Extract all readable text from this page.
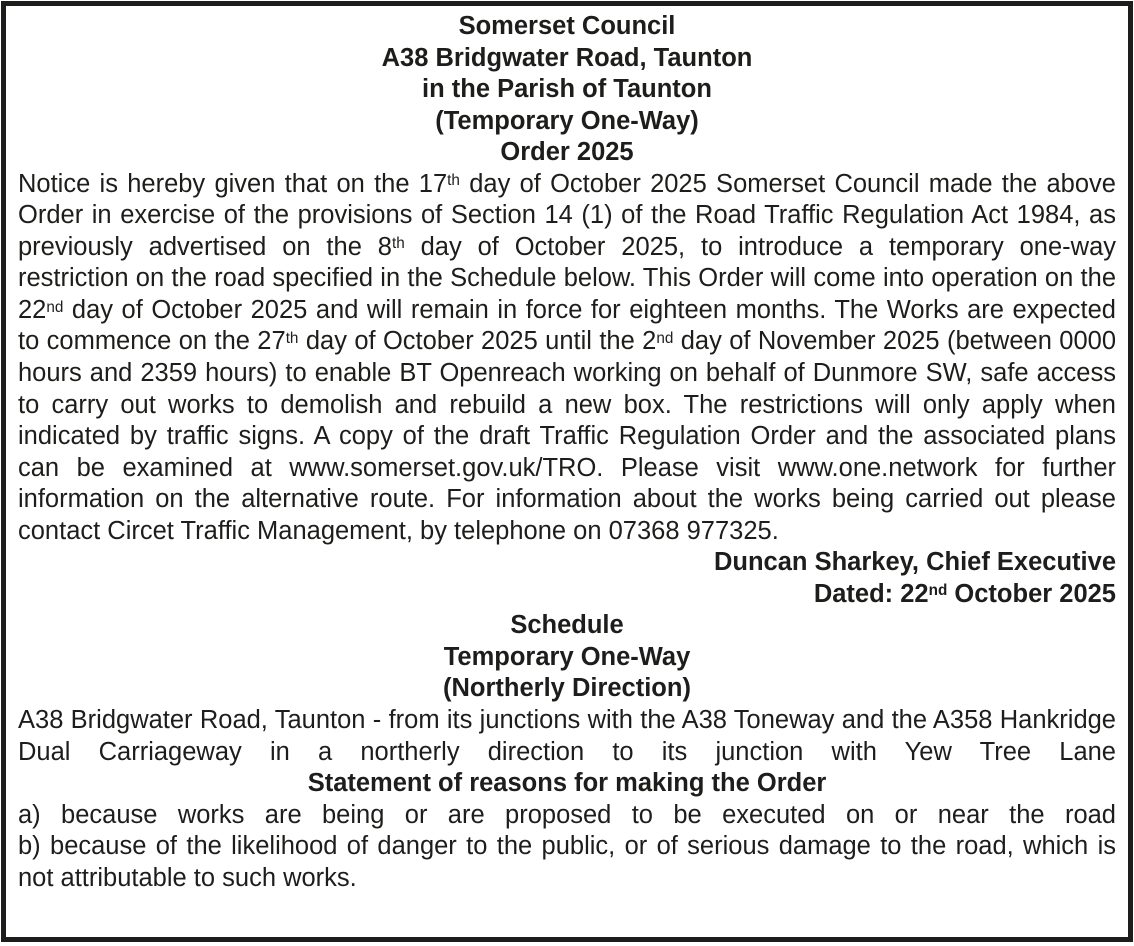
Somerset Council
A38 Bridgwater Road, Taunton
in the Parish of Taunton
(Temporary One-Way)
Order 2025

Notice is hereby given that on the 17th day of October 2025 Somerset Council made the above Order in exercise of the provisions of Section 14 (1) of the Road Traffic Regulation Act 1984, as previously advertised on the 8th day of October 2025, to introduce a temporary one-way restriction on the road specified in the Schedule below. This Order will come into operation on the 22nd day of October 2025 and will remain in force for eighteen months. The Works are expected to commence on the 27th day of October 2025 until the 2nd day of November 2025 (between 0000 hours and 2359 hours) to enable BT Openreach working on behalf of Dunmore SW, safe access to carry out works to demolish and rebuild a new box. The restrictions will only apply when indicated by traffic signs. A copy of the draft Traffic Regulation Order and the associated plans can be examined at www.somerset.gov.uk/TRO. Please visit www.one.network for further information on the alternative route. For information about the works being carried out please contact Circet Traffic Management, by telephone on 07368 977325.

Duncan Sharkey, Chief Executive
Dated: 22nd October 2025
Schedule
Temporary One-Way
(Northerly Direction)

A38 Bridgwater Road, Taunton - from its junctions with the A38 Toneway and the A358 Hankridge Dual Carriageway in a northerly direction to its junction with Yew Tree Lane

Statement of reasons for making the Order

a) because works are being or are proposed to be executed on or near the road

b) because of the likelihood of danger to the public, or of serious damage to the road, which is not attributable to such works.
